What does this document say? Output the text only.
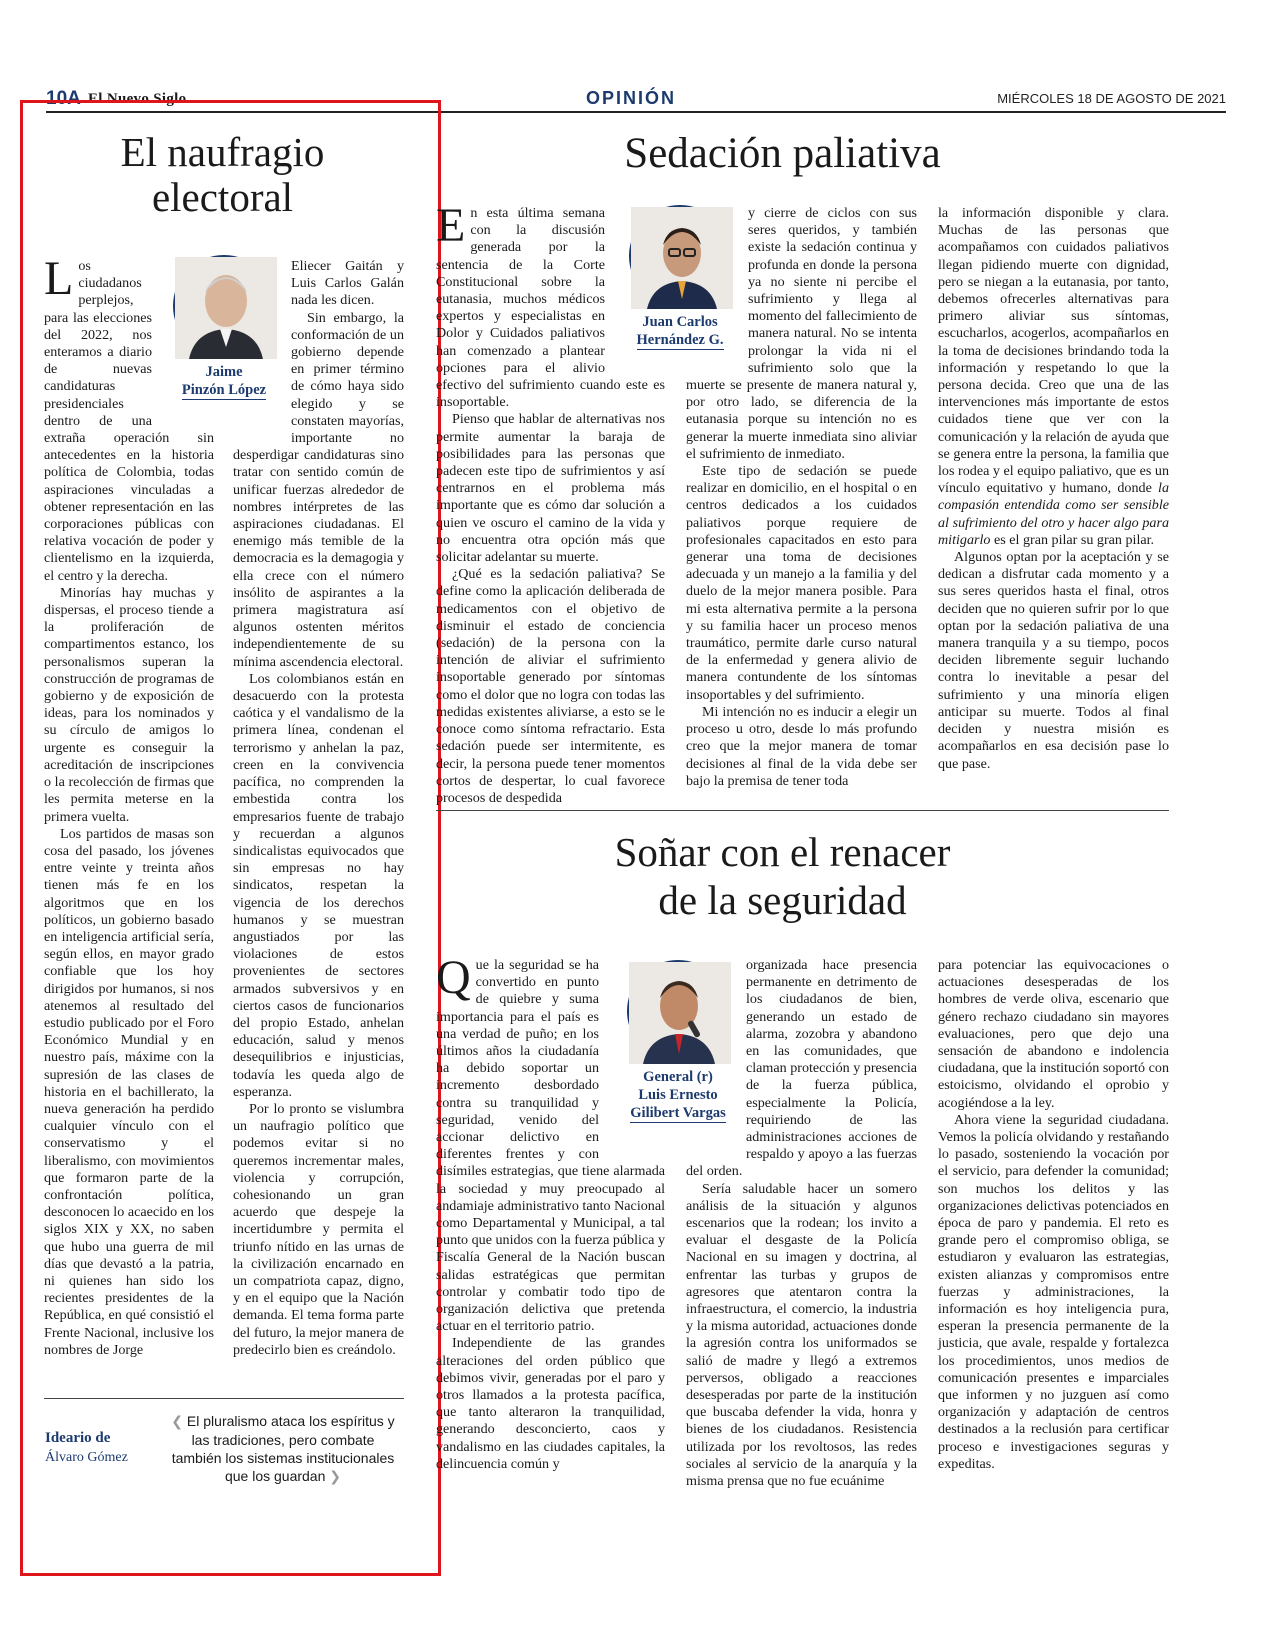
10A El Nuevo Siglo	OPINIÓN	MIÉRCOLES 18 DE AGOSTO DE 2021
El naufragio
electoral
Jaime
Pinzón López

Los ciudadanos perplejos, para las elecciones del 2022, nos enteramos a diario de nuevas candidaturas presidenciales dentro de una extraña operación sin antecedentes en la historia política de Colombia, todas aspiraciones vinculadas a obtener representación en las corporaciones públicas con relativa vocación de poder y clientelismo en la izquierda, el centro y la derecha.

Minorías hay muchas y dispersas, el proceso tiende a la proliferación de compartimentos estanco, los personalismos superan la construcción de programas de gobierno y de exposición de ideas, para los nominados y su círculo de amigos lo urgente es conseguir la acreditación de inscripciones o la recolección de firmas que les permita meterse en la primera vuelta.

Los partidos de masas son cosa del pasado, los jóvenes entre veinte y treinta años tienen más fe en los algoritmos que en los políticos, un gobierno basado en inteligencia artificial sería, según ellos, en mayor grado confiable que los hoy dirigidos por humanos, si nos atenemos al resultado del estudio publicado por el Foro Económico Mundial y en nuestro país, máxime con la supresión de las clases de historia en el bachillerato, la nueva generación ha perdido cualquier vínculo con el conservatismo y el liberalismo, con movimientos que formaron parte de la confrontación política, desconocen lo acaecido en los siglos XIX y XX, no saben que hubo una guerra de mil días que devastó a la patria, ni quienes han sido los recientes presidentes de la República, en qué consistió el Frente Nacional, inclusive los nombres de Jorge

Eliecer Gaitán y Luis Carlos Galán nada les dicen.

Sin embargo, la conformación de un gobierno depende en primer término de cómo haya sido elegido y se constaten mayorías, importante no desperdigar candidaturas sino tratar con sentido común de unificar fuerzas alrededor de nombres intérpretes de las aspiraciones ciudadanas. El enemigo más temible de la democracia es la demagogia y ella crece con el número insólito de aspirantes a la primera magistratura así algunos ostenten méritos independientemente de su mínima ascendencia electoral.

Los colombianos están en desacuerdo con la protesta caótica y el vandalismo de la primera línea, condenan el terrorismo y anhelan la paz, creen en la convivencia pacífica, no comprenden la embestida contra los empresarios fuente de trabajo y recuerdan a algunos sindicalistas equivocados que sin empresas no hay sindicatos, respetan la vigencia de los derechos humanos y se muestran angustiados por las violaciones de estos provenientes de sectores armados subversivos y en ciertos casos de funcionarios del propio Estado, anhelan educación, salud y menos desequilibrios e injusticias, todavía les queda algo de esperanza.

Por lo pronto se vislumbra un naufragio político que podemos evitar si no queremos incrementar males, violencia y corrupción, cohesionando un gran acuerdo que despeje la incertidumbre y permita el triunfo nítido en las urnas de la civilización encarnado en un compatriota capaz, digno, y en el equipo que la Nación demanda. El tema forma parte del futuro, la mejor manera de predecirlo bien es creándolo.

Ideario de
Álvaro Gómez
❮ El pluralismo ataca los espíritus y las tradiciones, pero combate también los sistemas institucionales que los guardan ❯
Sedación paliativa
Juan Carlos
Hernández G.

En esta última semana con la discusión generada por la sentencia de la Corte Constitucional sobre la eutanasia, muchos médicos expertos y especialistas en Dolor y Cuidados paliativos han comenzado a plantear opciones para el alivio efectivo del sufrimiento cuando este es insoportable.

Pienso que hablar de alternativas nos permite aumentar la baraja de posibilidades para las personas que padecen este tipo de sufrimientos y así centrarnos en el problema más importante que es cómo dar solución a quien ve oscuro el camino de la vida y no encuentra otra opción más que solicitar adelantar su muerte.

¿Qué es la sedación paliativa? Se define como la aplicación deliberada de medicamentos con el objetivo de disminuir el estado de conciencia (sedación) de la persona con la intención de aliviar el sufrimiento insoportable generado por síntomas como el dolor que no logra con todas las medidas existentes aliviarse, a esto se le conoce como síntoma refractario. Esta sedación puede ser intermitente, es decir, la persona puede tener momentos cortos de despertar, lo cual favorece procesos de despedida

y cierre de ciclos con sus seres queridos, y también existe la sedación continua y profunda en donde la persona ya no siente ni percibe el sufrimiento y llega al momento del fallecimiento de manera natural. No se intenta prolongar la vida ni el sufrimiento solo que la muerte se presente de manera natural y, por otro lado, se diferencia de la eutanasia porque su intención no es generar la muerte inmediata sino aliviar el sufrimiento de inmediato.

Este tipo de sedación se puede realizar en domicilio, en el hospital o en centros dedicados a los cuidados paliativos porque requiere de profesionales capacitados en esto para generar una toma de decisiones adecuada y un manejo a la familia y del duelo de la mejor manera posible. Para mi esta alternativa permite a la persona y su familia hacer un proceso menos traumático, permite darle curso natural de la enfermedad y genera alivio de manera contundente de los síntomas insoportables y del sufrimiento.

Mi intención no es inducir a elegir un proceso u otro, desde lo más profundo creo que la mejor manera de tomar decisiones al final de la vida debe ser bajo la premisa de tener toda

la información disponible y clara. Muchas de las personas que acompañamos con cuidados paliativos llegan pidiendo muerte con dignidad, pero se niegan a la eutanasia, por tanto, debemos ofrecerles alternativas para primero aliviar sus síntomas, escucharlos, acogerlos, acompañarlos en la toma de decisiones brindando toda la información y respetando lo que la persona decida. Creo que una de las intervenciones más importante de estos cuidados tiene que ver con la comunicación y la relación de ayuda que se genera entre la persona, la familia que los rodea y el equipo paliativo, que es un vínculo equitativo y humano, donde la compasión entendida como ser sensible al sufrimiento del otro y hacer algo para mitigarlo es el gran pilar su gran pilar.

Algunos optan por la aceptación y se dedican a disfrutar cada momento y a sus seres queridos hasta el final, otros deciden que no quieren sufrir por lo que optan por la sedación paliativa de una manera tranquila y a su tiempo, pocos deciden libremente seguir luchando contra lo inevitable a pesar del sufrimiento y una minoría eligen anticipar su muerte. Todos al final deciden y nuestra misión es acompañarlos en esa decisión pase lo que pase.

Soñar con el renacer
de la seguridad
General (r)
Luis Ernesto
Gilibert Vargas

Que la seguridad se ha convertido en punto de quiebre y suma importancia para el país es una verdad de puño; en los últimos años la ciudadanía ha debido soportar un incremento desbordado contra su tranquilidad y seguridad, venido del accionar delictivo en diferentes frentes y con disímiles estrategias, que tiene alarmada la sociedad y muy preocupado al andamiaje administrativo tanto Nacional como Departamental y Municipal, a tal punto que unidos con la fuerza pública y Fiscalía General de la Nación buscan salidas estratégicas que permitan controlar y combatir todo tipo de organización delictiva que pretenda actuar en el territorio patrio.

Independiente de las grandes alteraciones del orden público que debimos vivir, generadas por el paro y otros llamados a la protesta pacífica, que tanto alteraron la tranquilidad, generando desconcierto, caos y vandalismo en las ciudades capitales, la delincuencia común y

organizada hace presencia permanente en detrimento de los ciudadanos de bien, generando un estado de alarma, zozobra y abandono en las comunidades, que claman protección y presencia de la fuerza pública, especialmente la Policía, requiriendo de las administraciones acciones de respaldo y apoyo a las fuerzas del orden.

Sería saludable hacer un somero análisis de la situación y algunos escenarios que la rodean; los invito a evaluar el desgaste de la Policía Nacional en su imagen y doctrina, al enfrentar las turbas y grupos de agresores que atentaron contra la infraestructura, el comercio, la industria y la misma autoridad, actuaciones donde la agresión contra los uniformados se salió de madre y llegó a extremos perversos, obligado a reacciones desesperadas por parte de la institución que buscaba defender la vida, honra y bienes de los ciudadanos. Resistencia utilizada por los revoltosos, las redes sociales al servicio de la anarquía y la misma prensa que no fue ecuánime

para potenciar las equivocaciones o actuaciones desesperadas de los hombres de verde oliva, escenario que género rechazo ciudadano sin mayores evaluaciones, pero que dejo una sensación de abandono e indolencia ciudadana, que la institución soportó con estoicismo, olvidando el oprobio y acogiéndose a la ley.

Ahora viene la seguridad ciudadana. Vemos la policía olvidando y restañando lo pasado, sosteniendo la vocación por el servicio, para defender la comunidad; son muchos los delitos y las organizaciones delictivas potenciados en época de paro y pandemia. El reto es grande pero el compromiso obliga, se estudiaron y evaluaron las estrategias, existen alianzas y compromisos entre fuerzas y administraciones, la información es hoy inteligencia pura, esperan la presencia permanente de la justicia, que avale, respalde y fortalezca los procedimientos, unos medios de comunicación presentes e imparciales que informen y no juzguen así como organización y adaptación de centros destinados a la reclusión para certificar proceso e investigaciones seguras y expeditas.
